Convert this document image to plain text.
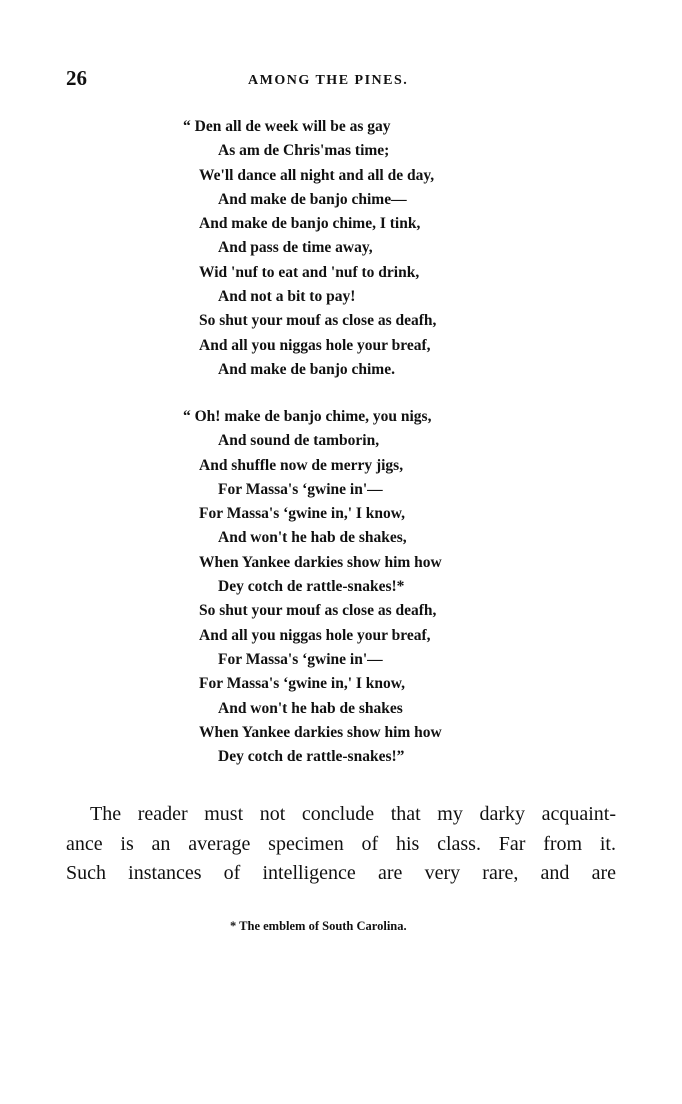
26	AMONG THE PINES.
“ Den all de week will be as gay
As am de Chris'mas time;
We'll dance all night and all de day,
And make de banjo chime—
And make de banjo chime, I tink,
And pass de time away,
Wid 'nuf to eat and 'nuf to drink,
And not a bit to pay!
So shut your mouf as close as deafh,
And all you niggas hole your breaf,
And make de banjo chime.
“ Oh! make de banjo chime, you nigs,
And sound de tamborin,
And shuffle now de merry jigs,
For Massa's ‘gwine in'—
For Massa's ‘gwine in,' I know,
And won't he hab de shakes,
When Yankee darkies show him how
Dey cotch de rattle-snakes!*
So shut your mouf as close as deafh,
And all you niggas hole your breaf,
For Massa's ‘gwine in'—
For Massa's ‘gwine in,' I know,
And won't he hab de shakes
When Yankee darkies show him how
Dey cotch de rattle-snakes!”
The reader must not conclude that my darky acquaint-
ance is an average specimen of his class. Far from it.
Such instances of intelligence are very rare, and are
* The emblem of South Carolina.
